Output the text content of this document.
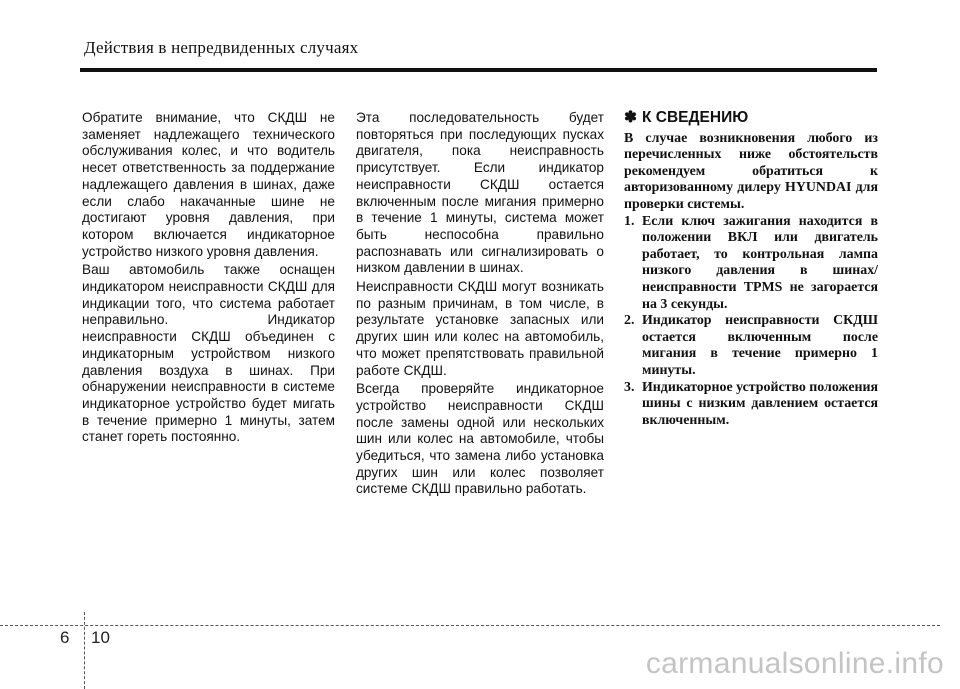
Действия в непредвиденных случаях

Обратите внимание, что СКДШ не заменяет надлежащего технического обслуживания колес, и что водитель несет ответственность за поддержание надлежащего давления в шинах, даже если слабо накачанные шине не достигают уровня давления, при котором включается индикаторное устройство низкого уровня давления.

Ваш автомобиль также оснащен индикатором неисправности СКДШ для индикации того, что система работает неправильно. Индикатор неисправности СКДШ объединен с индикаторным устройством низкого давления воздуха в шинах. При обнаружении неисправности в системе индикаторное устройство будет мигать в течение примерно 1 минуты, затем станет гореть постоянно.

Эта последовательность будет повторяться при последующих пусках двигателя, пока неисправность присутствует. Если индикатор неисправности СКДШ остается включенным после мигания примерно в течение 1 минуты, система может быть неспособна правильно распознавать или сигнализировать о низком давлении в шинах.

Неисправности СКДШ могут возникать по разным причинам, в том числе, в результате установке запасных или других шин или колес на автомобиль, что может препятствовать правильной работе СКДШ.

Всегда проверяйте индикаторное устройство неисправности СКДШ после замены одной или нескольких шин или колес на автомобиле, чтобы убедиться, что замена либо установка других шин или колес позволяет системе СКДШ правильно работать.

✽ К СВЕДЕНИЮ

В случае возникновения любого из перечисленных ниже обстоятельств рекомендуем обратиться к авторизованному дилеру HYUNDAI для проверки системы.

1. Если ключ зажигания находится в положении ВКЛ или двигатель работает, то контрольная лампа низкого давления в шинах/ неисправности TPMS не загорается на 3 секунды.
2. Индикатор неисправности СКДШ остается включенным после мигания в течение примерно 1 минуты.
3. Индикаторное устройство положения шины с низким давлением остается включенным.
6 10
carmanualsonline.info
